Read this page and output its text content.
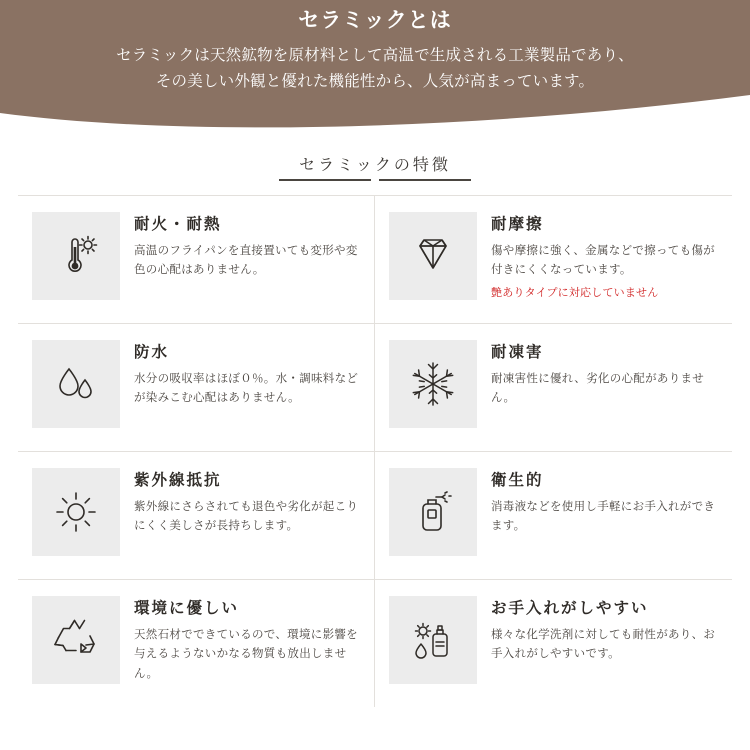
セラミックとは
セラミックは天然鉱物を原材料として高温で生成される工業製品であり、
その美しい外観と優れた機能性から、人気が高まっています。
セラミックの特徴
耐火・耐熱
高温のフライパンを直接置いても変形や変色の心配はありません。
耐摩擦
傷や摩擦に強く、金属などで擦っても傷が付きにくくなっています。
艶ありタイプに対応していません
防水
水分の吸収率はほぼ０％。水・調味料などが染みこむ心配はありません。
耐凍害
耐凍害性に優れ、劣化の心配がありません。
紫外線抵抗
紫外線にさらされても退色や劣化が起こりにくく美しさが長持ちします。
衛生的
消毒液などを使用し手軽にお手入れができます。
環境に優しい
天然石材でできているので、環境に影響を与えるようないかなる物質も放出しません。
お手入れがしやすい
様々な化学洗剤に対しても耐性があり、お手入れがしやすいです。
